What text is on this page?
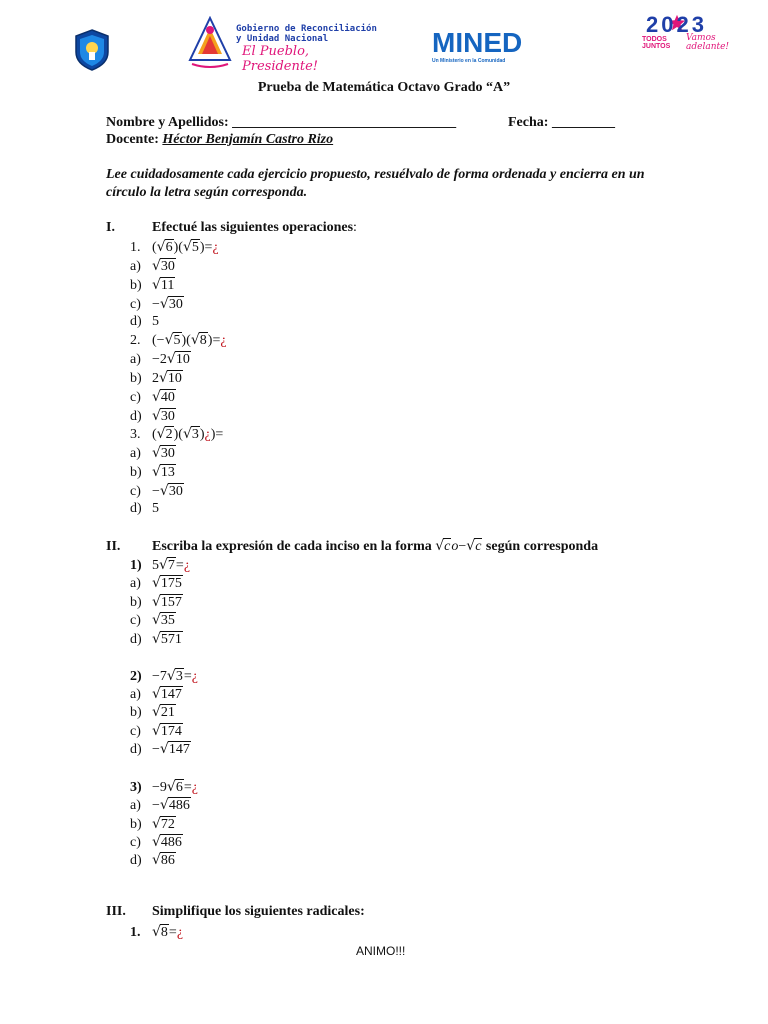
Gobierno de Reconciliación
y Unidad Nacional
El Pueblo, Presidente!
MINED
Un Ministerio en la Comunidad
2023
TODOS JUNTOS
Vamos adelante!
Prueba de Matemática Octavo Grado “A”
Nombre y Apellidos: ________________________________	Fecha: _________
Docente: Héctor Benjamín Castro Rizo
Lee cuidadosamente cada ejercicio propuesto, resuélvalo de forma ordenada y encierra en un círculo la letra según corresponda.
I.	Efectué las siguientes operaciones:
1. (√6)(√5)=¿
a) √30
b) √11
c) −√30
d) 5
2. (−√5)(√8)=¿
a) −2√10
b) 2√10
c) √40
d) √30
3. (√2)(√3)¿)=
a) √30
b) √13
c) −√30
d) 5
II. Escriba la expresión de cada inciso en la forma √co−√c según corresponda
1) 5√7=¿
a) √175
b) √157
c) √35
d) √571
2) −7√3=¿
a) √147
b) √21
c) √174
d) −√147
3) −9√6=¿
a) −√486
b) √72
c) √486
d) √86
III. Simplifique los siguientes radicales:
1. √8=¿
ANIMO!!!
